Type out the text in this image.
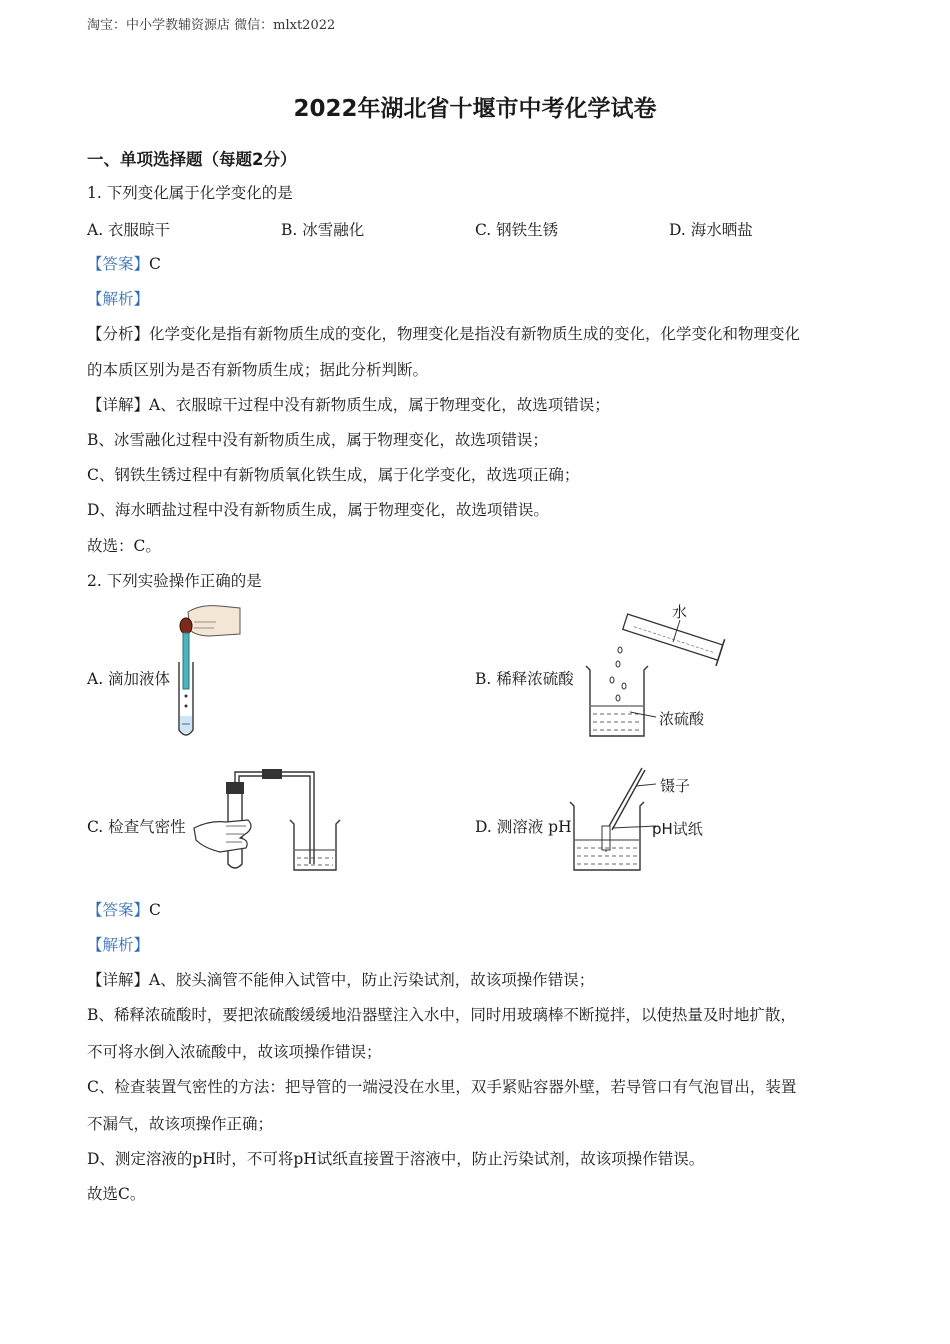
淘宝：中小学教辅资源店 微信：mlxt2022
2022年湖北省十堰市中考化学试卷
一、单项选择题（每题2分）
1. 下列变化属于化学变化的是
A. 衣服晾干	B. 冰雪融化	C. 钢铁生锈	D. 海水晒盐
【答案】C
【解析】
【分析】化学变化是指有新物质生成的变化，物理变化是指没有新物质生成的变化，化学变化和物理变化
的本质区别为是否有新物质生成；据此分析判断。
【详解】A、衣服晾干过程中没有新物质生成，属于物理变化，故选项错误；
B、冰雪融化过程中没有新物质生成，属于物理变化，故选项错误；
C、钢铁生锈过程中有新物质氧化铁生成，属于化学变化，故选项正确；
D、海水晒盐过程中没有新物质生成，属于物理变化，故选项错误。
故选：C。
2. 下列实验操作正确的是
A. 滴加液体	B. 稀释浓硫酸
水
浓硫酸
C. 检查气密性	D. 测溶液 pH
镊子
pH试纸
【答案】C
【解析】
【详解】A、胶头滴管不能伸入试管中，防止污染试剂，故该项操作错误；
B、稀释浓硫酸时，要把浓硫酸缓缓地沿器壁注入水中，同时用玻璃棒不断搅拌，以使热量及时地扩散，
不可将水倒入浓硫酸中，故该项操作错误；
C、检查装置气密性的方法：把导管的一端浸没在水里，双手紧贴容器外壁，若导管口有气泡冒出，装置
不漏气，故该项操作正确；
D、测定溶液的pH时，不可将pH试纸直接置于溶液中，防止污染试剂，故该项操作错误。
故选C。
